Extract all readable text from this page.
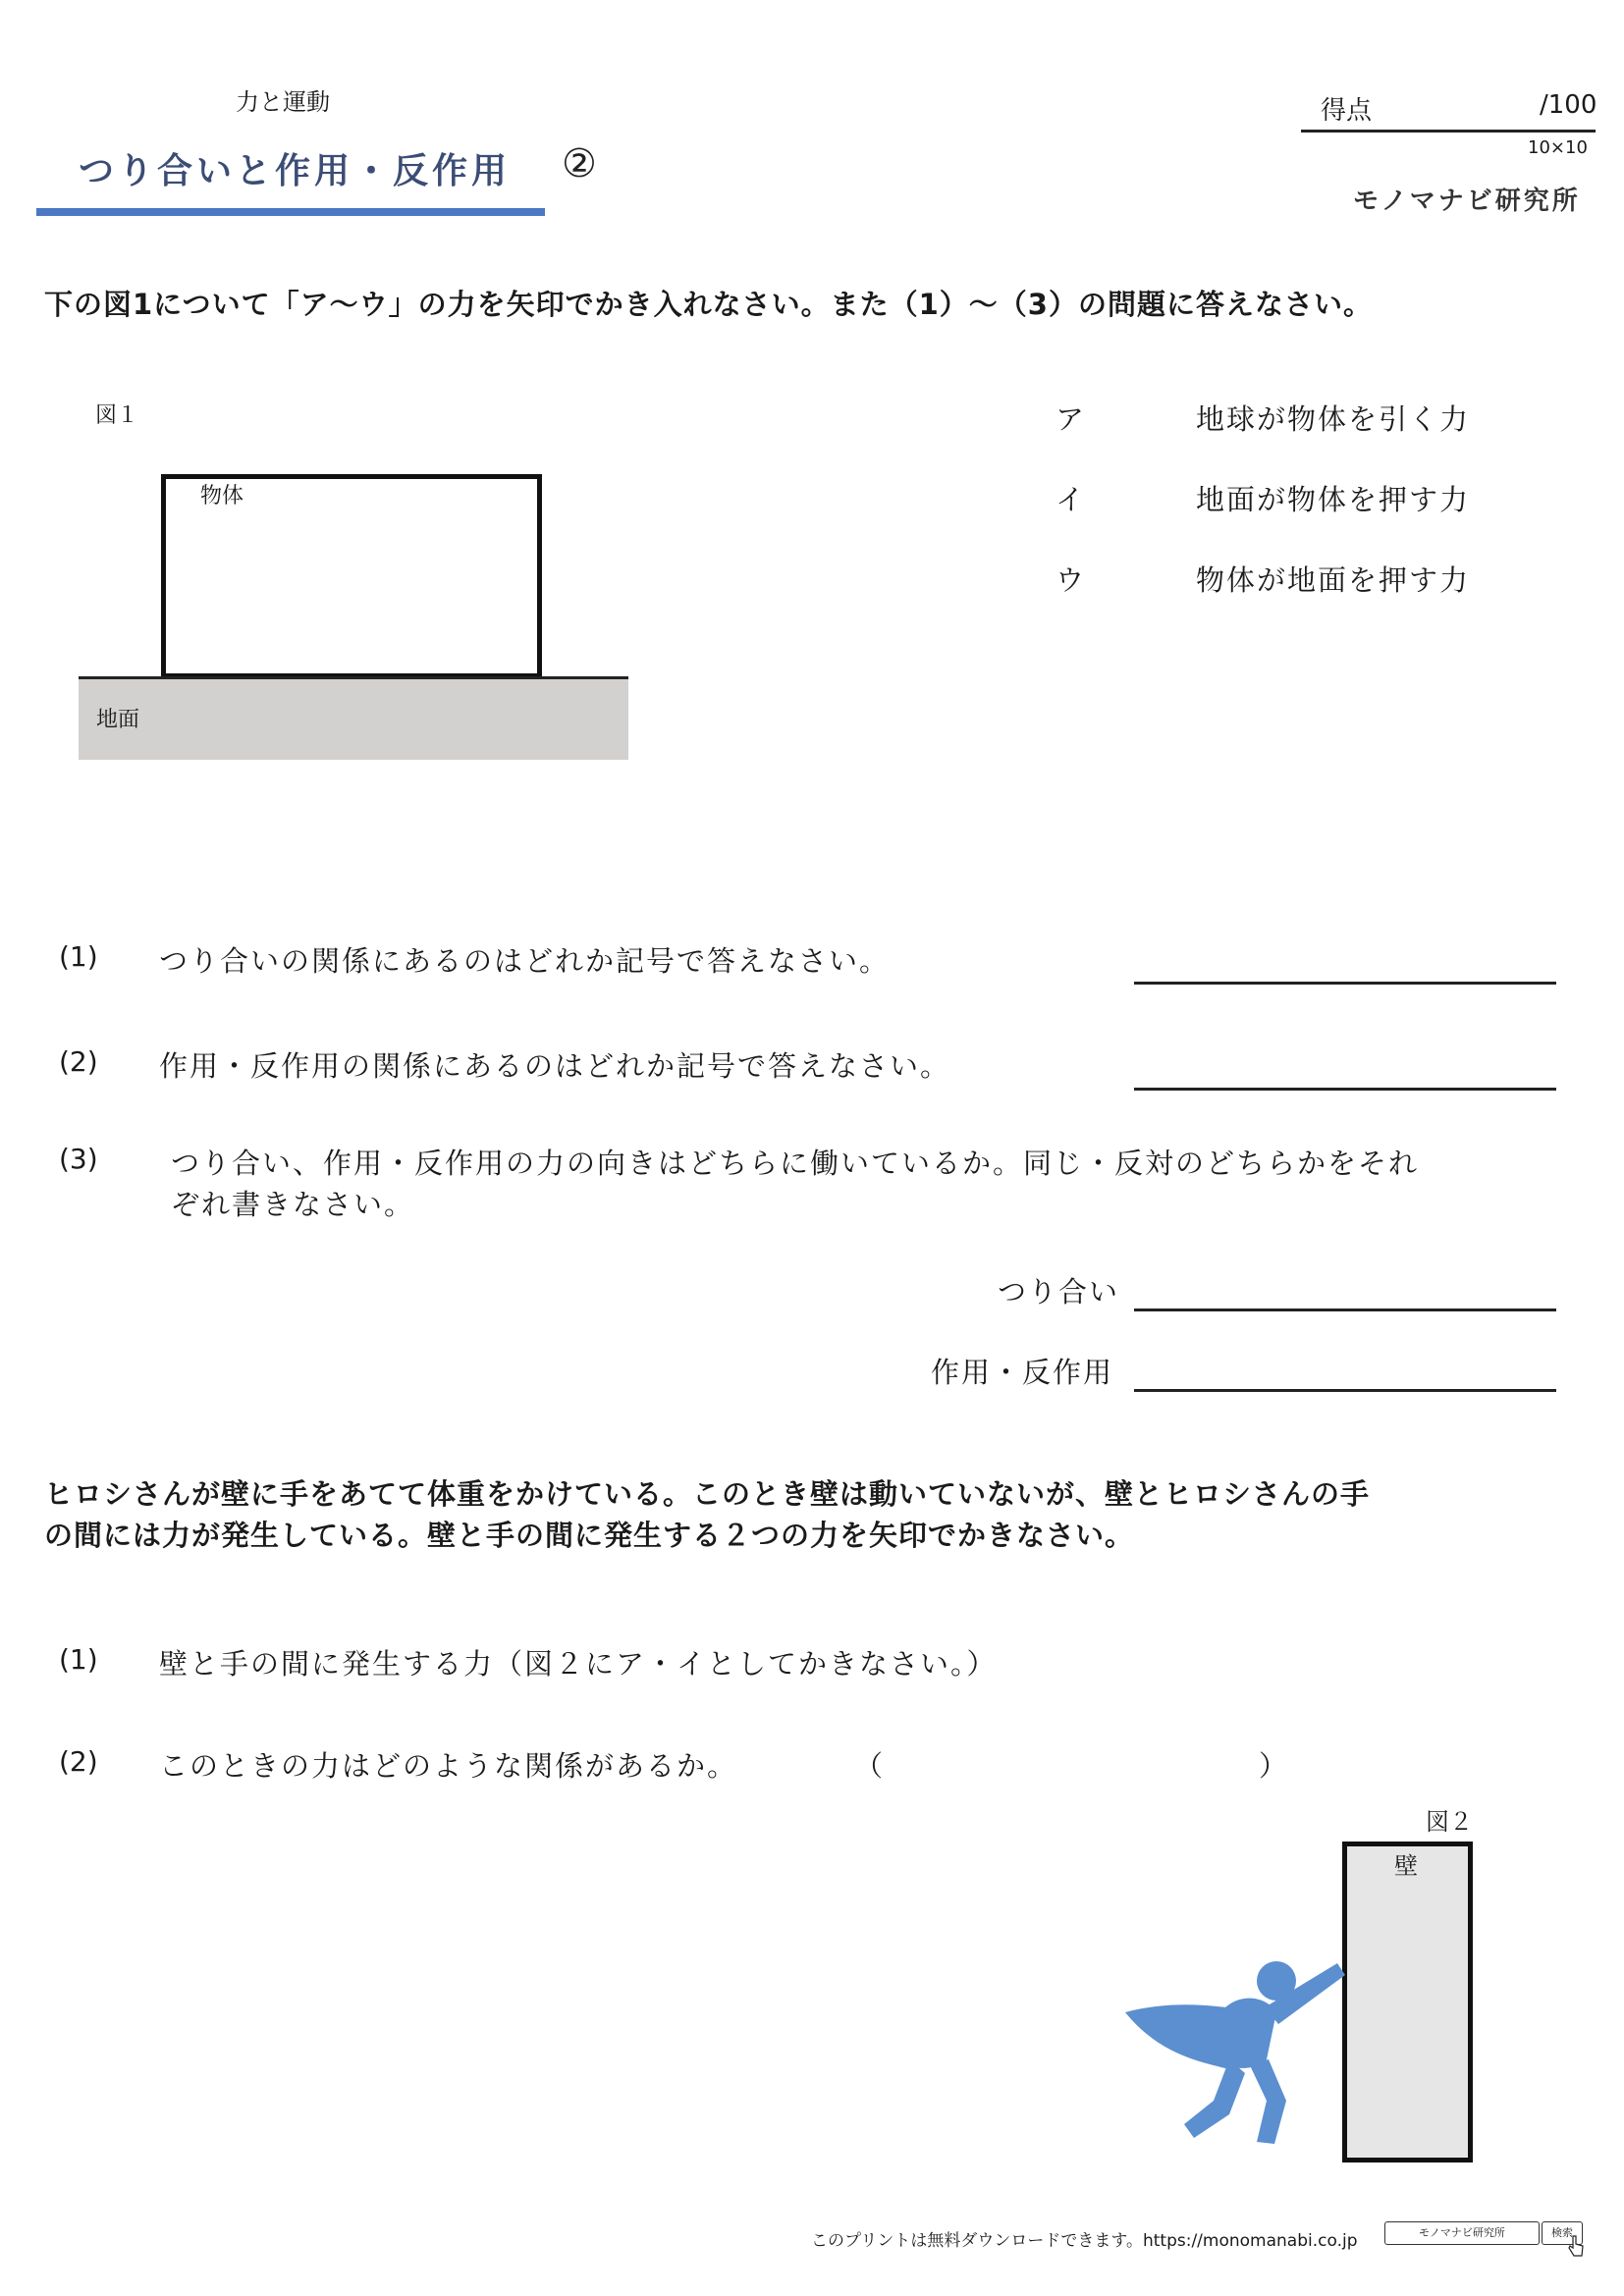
力と運動
つり合いと作用・反作用 ②
得点	/100
10×10
モノマナビ研究所
下の図1について「ア～ウ」の力を矢印でかき入れなさい。また（1）～（3）の問題に答えなさい。
図１
物体
地面
ア	地球が物体を引く力
イ	地面が物体を押す力
ウ	物体が地面を押す力
(1) つり合いの関係にあるのはどれか記号で答えなさい。
(2) 作用・反作用の関係にあるのはどれか記号で答えなさい。
(3)	つり合い、作用・反作用の力の向きはどちらに働いているか。同じ・反対のどちらかをそれ
ぞれ書きなさい。
つり合い
作用・反作用
ヒロシさんが壁に手をあてて体重をかけている。このとき壁は動いていないが、壁とヒロシさんの手
の間には力が発生している。壁と手の間に発生する２つの力を矢印でかきなさい。
(1) 壁と手の間に発生する力（図２にア・イとしてかきなさい。）
(2) このときの力はどのような関係があるか。	（	）
図２
壁
このプリントは無料ダウンロードできます。https://monomanabi.co.jp	モノマナビ研究所	検索
